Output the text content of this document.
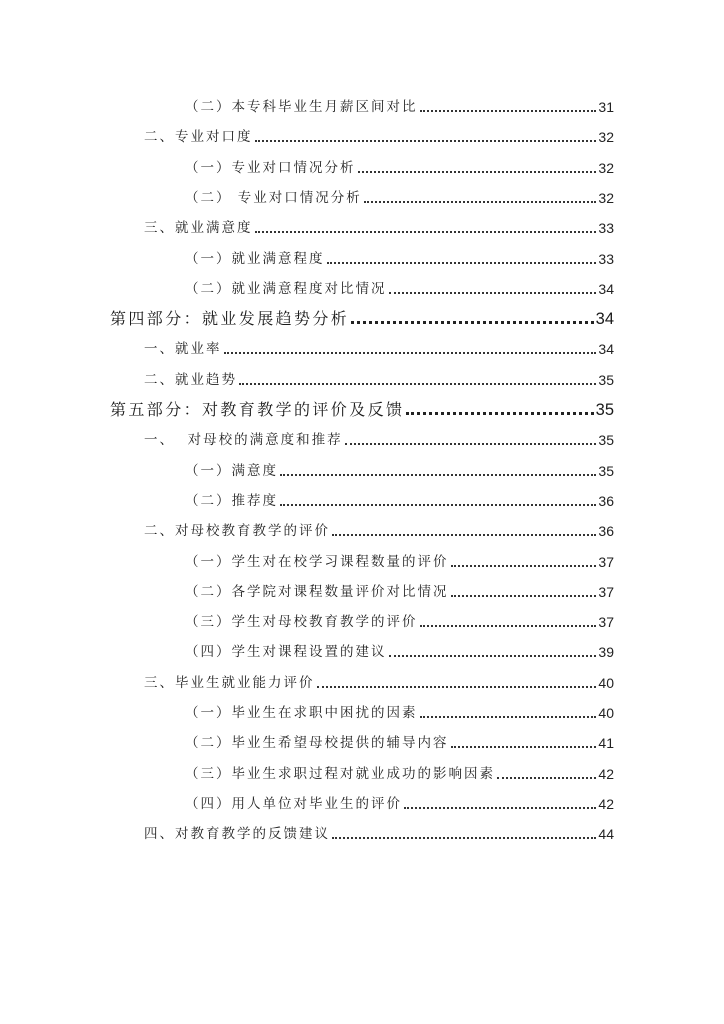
（二）本专科毕业生月薪区间对比	31
二、专业对口度	32
（一）专业对口情况分析	32
（二） 专业对口情况分析	32
三、就业满意度	33
（一）就业满意程度	33
（二）就业满意程度对比情况	34
第四部分：就业发展趋势分析	34
一、就业率	34
二、就业趋势	35
第五部分：对教育教学的评价及反馈	35
一、  对母校的满意度和推荐	35
（一）满意度	35
（二）推荐度	36
二、对母校教育教学的评价	36
（一）学生对在校学习课程数量的评价	37
（二）各学院对课程数量评价对比情况	37
（三）学生对母校教育教学的评价	37
（四）学生对课程设置的建议	39
三、毕业生就业能力评价	40
（一）毕业生在求职中困扰的因素	40
（二）毕业生希望母校提供的辅导内容	41
（三）毕业生求职过程对就业成功的影响因素	42
（四）用人单位对毕业生的评价	42
四、对教育教学的反馈建议	44
